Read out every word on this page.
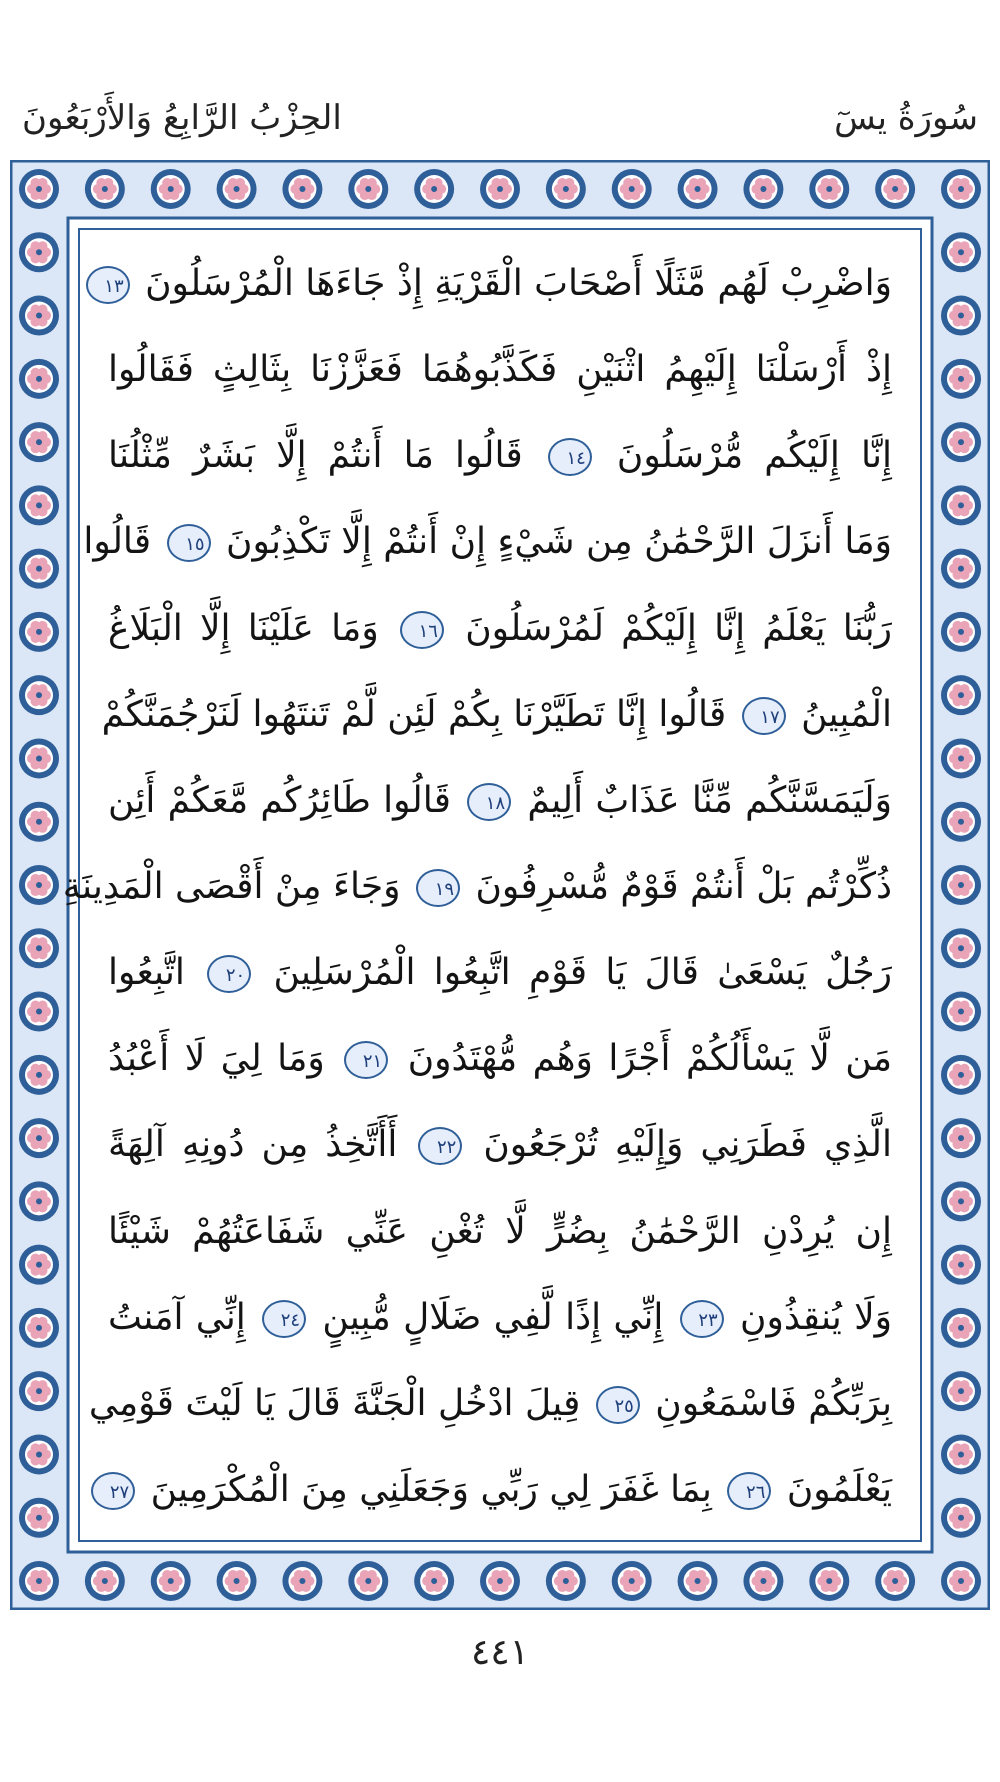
الحِزْبُ الرَّابِعُ وَالأَرْبَعُونَ	سُورَةُ يسٓ
وَاضْرِبْ لَهُم مَّثَلًا أَصْحَابَ الْقَرْيَةِ إِذْ جَاءَهَا الْمُرْسَلُونَ ١٣
إِذْ أَرْسَلْنَا إِلَيْهِمُ اثْنَيْنِ فَكَذَّبُوهُمَا فَعَزَّزْنَا بِثَالِثٍ فَقَالُوا
إِنَّا إِلَيْكُم مُّرْسَلُونَ ١٤ قَالُوا مَا أَنتُمْ إِلَّا بَشَرٌ مِّثْلُنَا
وَمَا أَنزَلَ الرَّحْمَٰنُ مِن شَيْءٍ إِنْ أَنتُمْ إِلَّا تَكْذِبُونَ ١٥ قَالُوا
رَبُّنَا يَعْلَمُ إِنَّا إِلَيْكُمْ لَمُرْسَلُونَ ١٦ وَمَا عَلَيْنَا إِلَّا الْبَلَاغُ
الْمُبِينُ ١٧ قَالُوا إِنَّا تَطَيَّرْنَا بِكُمْ لَئِن لَّمْ تَنتَهُوا لَنَرْجُمَنَّكُمْ
وَلَيَمَسَّنَّكُم مِّنَّا عَذَابٌ أَلِيمٌ ١٨ قَالُوا طَائِرُكُم مَّعَكُمْ أَئِن
ذُكِّرْتُم بَلْ أَنتُمْ قَوْمٌ مُّسْرِفُونَ ١٩ وَجَاءَ مِنْ أَقْصَى الْمَدِينَةِ
رَجُلٌ يَسْعَىٰ قَالَ يَا قَوْمِ اتَّبِعُوا الْمُرْسَلِينَ ٢٠ اتَّبِعُوا
مَن لَّا يَسْأَلُكُمْ أَجْرًا وَهُم مُّهْتَدُونَ ٢١ وَمَا لِيَ لَا أَعْبُدُ
الَّذِي فَطَرَنِي وَإِلَيْهِ تُرْجَعُونَ ٢٢ أَأَتَّخِذُ مِن دُونِهِ آلِهَةً
إِن يُرِدْنِ الرَّحْمَٰنُ بِضُرٍّ لَّا تُغْنِ عَنِّي شَفَاعَتُهُمْ شَيْئًا
وَلَا يُنقِذُونِ ٢٣ إِنِّي إِذًا لَّفِي ضَلَالٍ مُّبِينٍ ٢٤ إِنِّي آمَنتُ
بِرَبِّكُمْ فَاسْمَعُونِ ٢٥ قِيلَ ادْخُلِ الْجَنَّةَ قَالَ يَا لَيْتَ قَوْمِي
يَعْلَمُونَ ٢٦ بِمَا غَفَرَ لِي رَبِّي وَجَعَلَنِي مِنَ الْمُكْرَمِينَ ٢٧
٤٤١
